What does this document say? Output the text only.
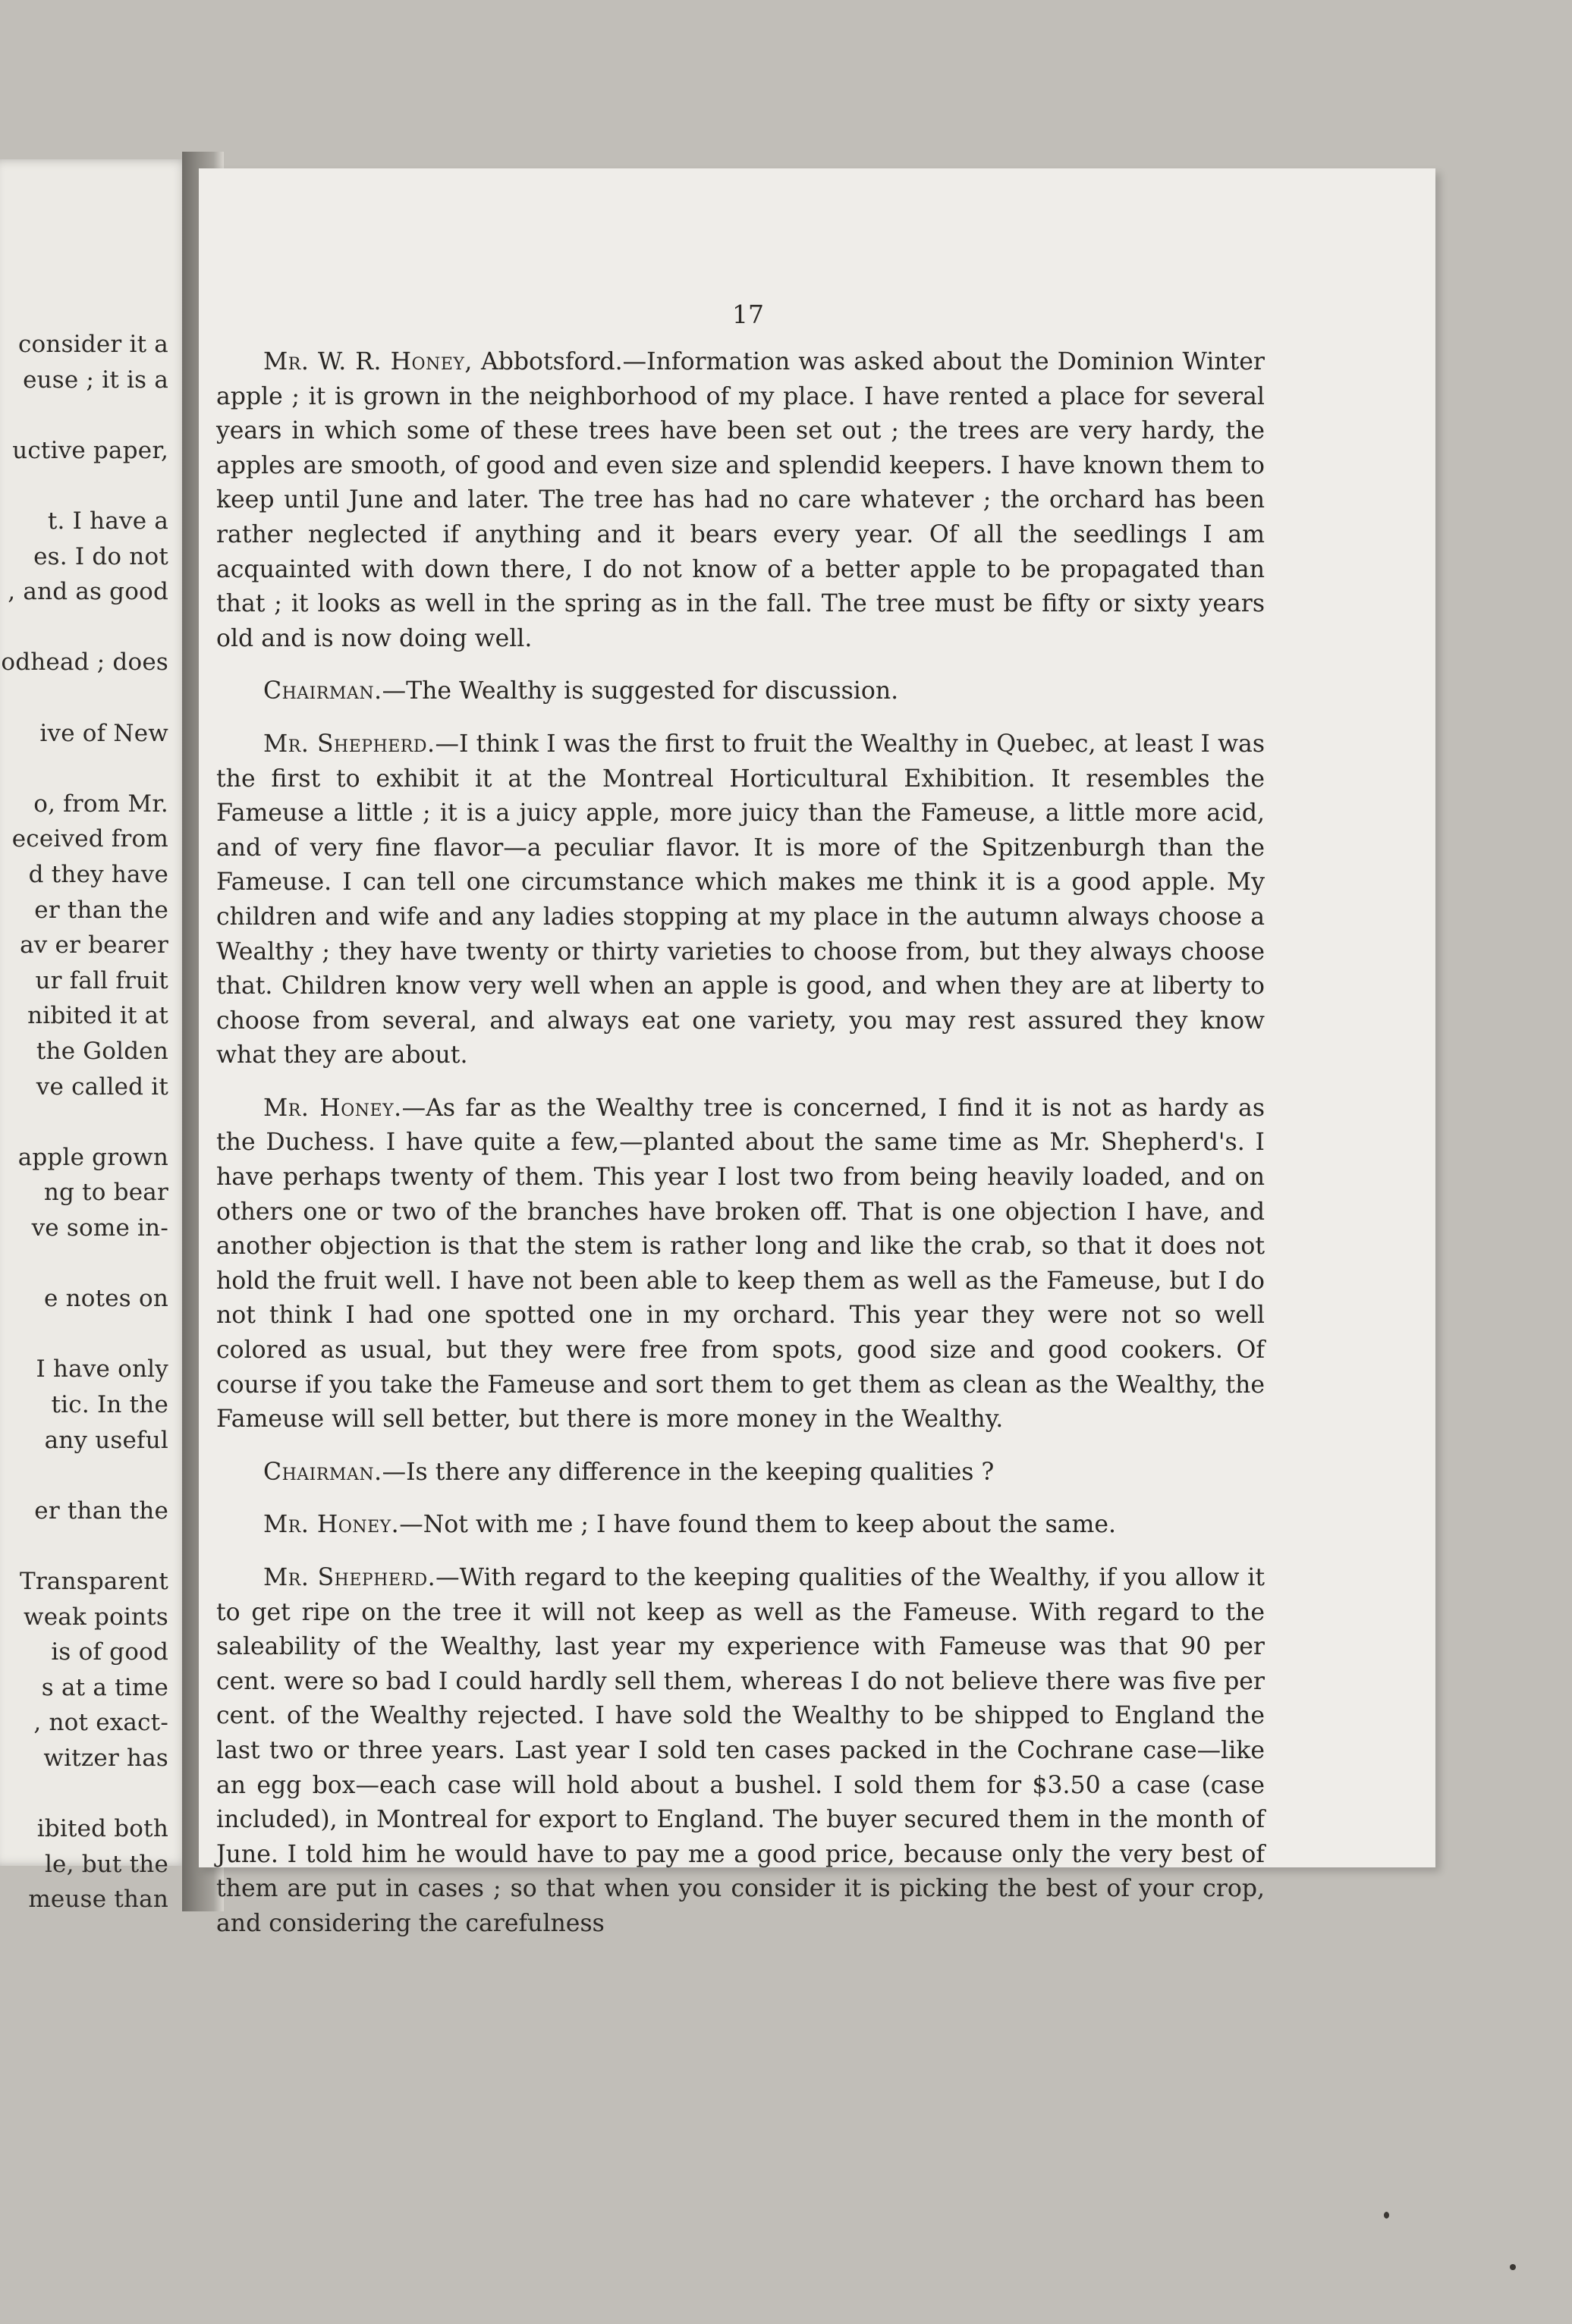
consider it a
euse ; it is a
uctive paper,
t. I have a
es. I do not
, and as good
odhead ; does
ive of New
o, from Mr.
eceived from
d they have
er than the
av er bearer
ur fall fruit
nibited it at
the Golden
ve called it
apple grown
ng to bear
ve some in-
e notes on
I have only
tic. In the
any useful
er than the
Transparent
weak points
is of good
s at a time
, not exact-
witzer has
ibited both
le, but the
meuse than
17

Mr. W. R. Honey, Abbotsford.—Information was asked about the Dominion Winter apple ; it is grown in the neighborhood of my place. I have rented a place for several years in which some of these trees have been set out ; the trees are very hardy, the apples are smooth, of good and even size and splendid keepers. I have known them to keep until June and later. The tree has had no care whatever ; the orchard has been rather neglected if anything and it bears every year. Of all the seedlings I am acquainted with down there, I do not know of a better apple to be propagated than that ; it looks as well in the spring as in the fall. The tree must be fifty or sixty years old and is now doing well.

Chairman.—The Wealthy is suggested for discussion.

Mr. Shepherd.—I think I was the first to fruit the Wealthy in Quebec, at least I was the first to exhibit it at the Montreal Horticultural Exhibition. It resembles the Fameuse a little ; it is a juicy apple, more juicy than the Fameuse, a little more acid, and of very fine flavor—a peculiar flavor. It is more of the Spitzenburgh than the Fameuse. I can tell one circumstance which makes me think it is a good apple. My children and wife and any ladies stopping at my place in the autumn always choose a Wealthy ; they have twenty or thirty varieties to choose from, but they always choose that. Children know very well when an apple is good, and when they are at liberty to choose from several, and always eat one variety, you may rest assured they know what they are about.

Mr. Honey.—As far as the Wealthy tree is concerned, I find it is not as hardy as the Duchess. I have quite a few,—planted about the same time as Mr. Shepherd's. I have perhaps twenty of them. This year I lost two from being heavily loaded, and on others one or two of the branches have broken off. That is one objection I have, and another objection is that the stem is rather long and like the crab, so that it does not hold the fruit well. I have not been able to keep them as well as the Fameuse, but I do not think I had one spotted one in my orchard. This year they were not so well colored as usual, but they were free from spots, good size and good cookers. Of course if you take the Fameuse and sort them to get them as clean as the Wealthy, the Fameuse will sell better, but there is more money in the Wealthy.

Chairman.—Is there any difference in the keeping qualities ?

Mr. Honey.—Not with me ; I have found them to keep about the same.

Mr. Shepherd.—With regard to the keeping qualities of the Wealthy, if you allow it to get ripe on the tree it will not keep as well as the Fameuse. With regard to the saleability of the Wealthy, last year my experience with Fameuse was that 90 per cent. were so bad I could hardly sell them, whereas I do not believe there was five per cent. of the Wealthy rejected. I have sold the Wealthy to be shipped to England the last two or three years. Last year I sold ten cases packed in the Cochrane case—like an egg box—each case will hold about a bushel. I sold them for $3.50 a case (case included), in Montreal for export to England. The buyer secured them in the month of June. I told him he would have to pay me a good price, because only the very best of them are put in cases ; so that when you consider it is picking the best of your crop, and considering the carefulness
